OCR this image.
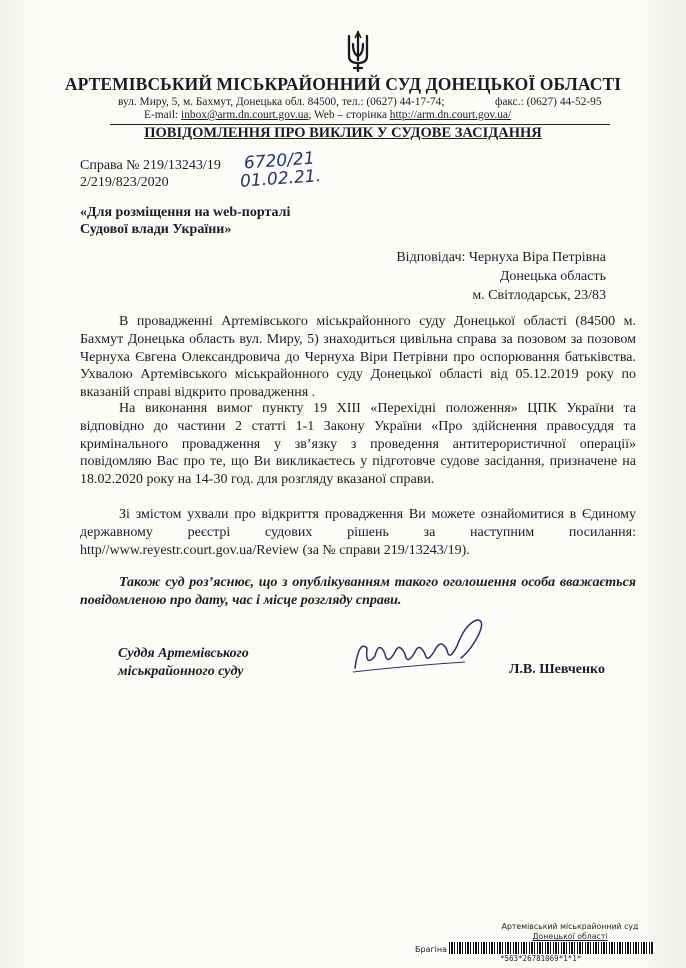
АРТЕМІВСЬКИЙ МІСЬКРАЙОННИЙ СУД ДОНЕЦЬКОЇ ОБЛАСТІ
вул. Миру, 5, м. Бахмут, Донецька обл. 84500, тел.: (0627) 44-17-74;	факс.: (0627) 44-52-95
E-mail: inbox@arm.dn.court.gov.ua, Web – сторінка http://arm.dn.court.gov.ua/
ПОВІДОМЛЕННЯ ПРО ВИКЛИК У СУДОВЕ ЗАСІДАННЯ
Справа № 219/13243/19
2/219/823/2020
6720/21
01.02.21.
«Для розміщення на web-порталі Судової влади України»
Відповідач: Чернуха Віра Петрівна
Донецька область
м. Світлодарськ, 23/83
В провадженні Артемівського міськрайонного суду Донецької області (84500 м. Бахмут Донецька область вул. Миру, 5) знаходиться цивільна справа за позовом за позовом Чернуха Євгена Олександровича до Чернуха Віри Петрівни про оспорювання батьківства. Ухвалою Артемівського міськрайонного суду Донецької області від 05.12.2019 року по вказаній справі відкрито провадження .
На виконання вимог пункту 19 ХІІІ «Перехідні положення» ЦПК України та відповідно до частини 2 статті 1-1 Закону України «Про здійснення правосуддя та кримінального провадження у зв’язку з проведення антитерористичної операції» повідомляю Вас про те, що Ви викликаєтесь у підготовче судове засідання, призначене на 18.02.2020 року на 14-30 год. для розгляду вказаної справи.
Зі змістом ухвали про відкриття провадження Ви можете ознайомитися в Єдиному державному реєстрі судових рішень за наступним посилання: http//www.reyestr.court.gov.ua/Review (за № справи 219/13243/19).
Також суд роз’яснює, що з опублікуванням такого оголошення особа вважається повідомленою про дату, час і місце розгляду справи.
Суддя Артемівського
міськрайонного суду	Л.В. Шевченко
Артемівський міськрайонний суд
Донецької області
Брагіна
*563*26781069*1*1*
